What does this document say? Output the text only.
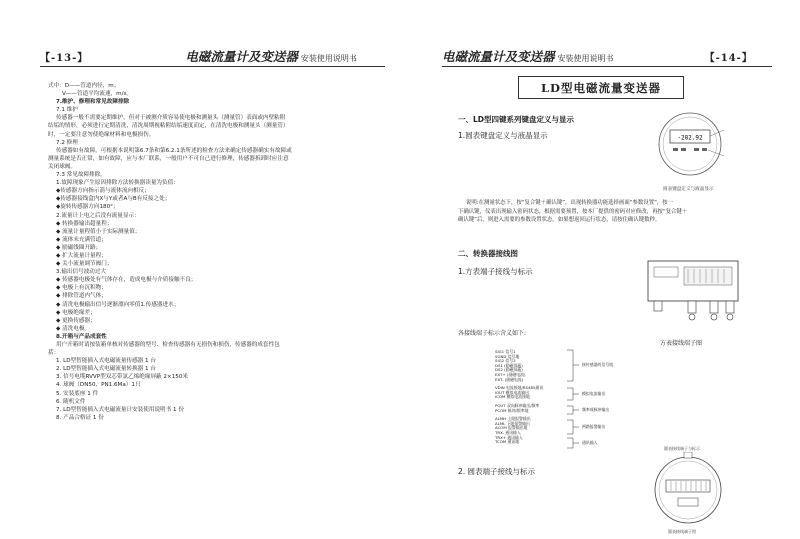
【-13-】	电磁流量计及变送器 安装使用说明书
式中：D——管道内径，m；
V——管道平均流速，m/s。
7.维护、修理和常见故障排除
7.1 维护
传感器一般不需要定期维护，但对于被测介质容易使电极和测量头（测量管）表面或内壁粘附
结垢的情形，必须进行定期清洗，清洗周期视粘附结垢速度而定，在清洗电极和测量头（测量管）
时，一定要注意勿使绝缘材料和电极损伤。
7.2 修理
传感器如有故障，可根据本说明第6.7条和第6.2.1条所述的检查方法来确定传感器确实有故障或
测量系统是否正常，如有故障，应与本厂联系，一般用户不可自己进行修理，传感器拆卸时应注意
关闭球阀。
7.3 常见故障排除。
1.故障现象产生原因排除方法转换器读量为负值：
◆传感器方向指示箭与流体流向相反；
◆传感器接线盒内X与Y或者A与B有反接之处；
◆旋转传感器方向180°；
2.流量计上电之后没有流量显示：
◆ 转换器输出超量程；
◆ 流量计量程值小于实际测量值；
◆ 流体未充满管道；
◆ 励磁线圈开路；
◆ 扩大流量计量程；
◆ 关小流量调节阀门；
3.输出信号波动过大
◆ 传感器电极处有气体存在，造成电极与介质接触不良；
◆ 电极上有沉积物；
◆ 排除管道内气体；
◆ 清洗电极输出信号逐渐漂向零值1.传感器进水；
◆ 电极绝缘差；
◆ 更换传感器；
◆ 清洗电极。
8.开箱与产品成套性
用户开箱时请按装箱单核对传感器的型号、检查传感器有无损伤和损伤，传感器的成套性包
括：
1. LD型智能插入式电磁流量传感器 1 台
2. LD型智能插入式电磁流量转换器 1 台
3. 信号电缆RVVP型双芯带氯乙烯绝缘屏蔽 2×150米
4. 球阀（DN50、PN1.6Ma）1只
5. 安装底座 1 件
6. 随机文件
7. LD型智能插入式电磁流量计安装使用说明书 1 份
8. 产品合格证 1 份
电磁流量计及变送器 安装使用说明书	【-14-】
LD型电磁流量变送器
一、LD型四键系列键盘定义与显示
1.圆表键盘定义与液晶显示	-282.92
圆表键盘定义与液晶显示
说明:在测量状态下，按“复合键＋确认键”，出现转换器功能选择画面“参数设置”，按一
下确认键，仪表出现输入密码状态，根据需要预置，按本厂提供的密码对应修改，再按“复合键＋
确认键”后，则进入需要的参数设置状态。如果想返回运行状态，请按住确认键数秒。
二、转换器接线图
1.方表端子接线与标示
方表接线端子图
各接线端子标示含义如下:
SIG1 信号1
SGND 信号地
SIG2 信号2
DS1 (励磁屏蔽)
DS2 (励磁屏蔽)
EXT+ (励磁电流)
EXT- (励磁电流)
VDIN 电流接地/RS485通讯
IOUT 模拟电流输出
ICOM 模拟电流接地
POUT 双向脉冲输出/频率
PCOM 脉冲/频率地
ALMH 上限报警输出
ALML 下限报警输出
ACOM 报警输出地
TRX- 通讯输入
TRX+ 通讯输入
TCOM 通讯地
接传感器的信号线
模拟电流输出
频率或脉冲输出
两路报警输出
通讯输入
2. 圆表端子接线与标示
圆表接线端子与标示
圆表接线端子图
